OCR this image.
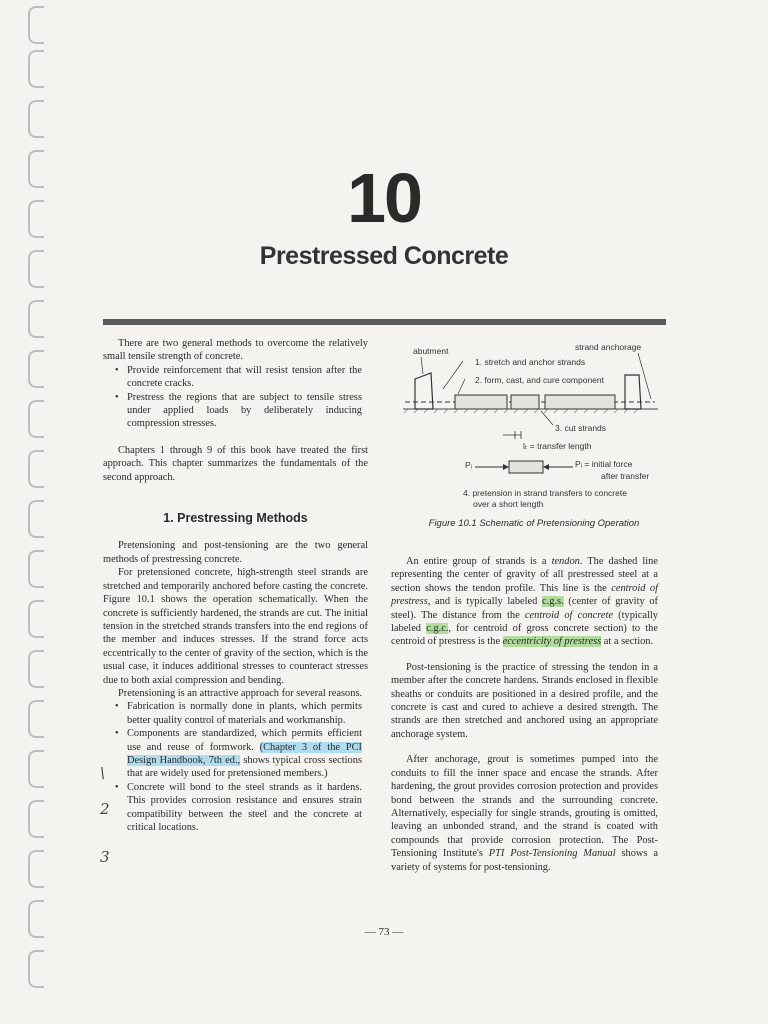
10
Prestressed Concrete

There are two general methods to overcome the relatively small tensile strength of concrete.

• Provide reinforcement that will resist tension after the concrete cracks.
• Prestress the regions that are subject to tensile stress under applied loads by deliberately inducing compression stresses.

Chapters 1 through 9 of this book have treated the first approach. This chapter summarizes the fundamentals of the second approach.

1. Prestressing Methods

Pretensioning and post-tensioning are the two general methods of prestressing concrete.

For pretensioned concrete, high-strength steel strands are stretched and temporarily anchored before casting the concrete. Figure 10.1 shows the operation schematically. When the concrete is sufficiently hardened, the strands are cut. The initial tension in the stretched strands transfers into the end regions of the member and induces stresses. If the strand force acts eccentrically to the center of gravity of the section, which is the usual case, it induces additional stresses to counteract stresses due to both axial compression and bending.

Pretensioning is an attractive approach for several reasons.

• Fabrication is normally done in plants, which permits better quality control of materials and workmanship.
• Components are standardized, which permits efficient use and reuse of formwork. (Chapter 3 of the PCI Design Handbook, 7th ed., shows typical cross sections that are widely used for pretensioned members.)
• Concrete will bond to the steel strands as it hardens. This provides corrosion resistance and ensures strain compatibility between the steel and the concrete at critical locations.
\
2
3
abutment	strand anchorage
1. stretch and anchor strands
2. form, cast, and cure component
3. cut strands
lₜ = transfer length
Pᵢ	Pᵢ = initial force
after transfer
4. pretension in strand transfers to concrete
over a short length
Figure 10.1 Schematic of Pretensioning Operation

An entire group of strands is a tendon. The dashed line representing the center of gravity of all prestressed steel at a section shows the tendon profile. This line is the centroid of prestress, and is typically labeled c.g.s. (center of gravity of steel). The distance from the centroid of concrete (typically labeled c.g.c., for centroid of gross concrete section) to the centroid of prestress is the eccentricity of prestress at a section.

Post-tensioning is the practice of stressing the tendon in a member after the concrete hardens. Strands enclosed in flexible sheaths or conduits are positioned in a desired profile, and the concrete is cast and cured to achieve a desired strength. The strands are then stretched and anchored using an appropriate anchorage system.

After anchorage, grout is sometimes pumped into the conduits to fill the inner space and encase the strands. After hardening, the grout provides corrosion protection and provides bond between the strands and the surrounding concrete. Alternatively, especially for single strands, grouting is omitted, leaving an unbonded strand, and the strand is coated with compounds that provide corrosion protection. The Post-Tensioning Institute's PTI Post-Tensioning Manual shows a variety of systems for post-tensioning.

— 73 —
